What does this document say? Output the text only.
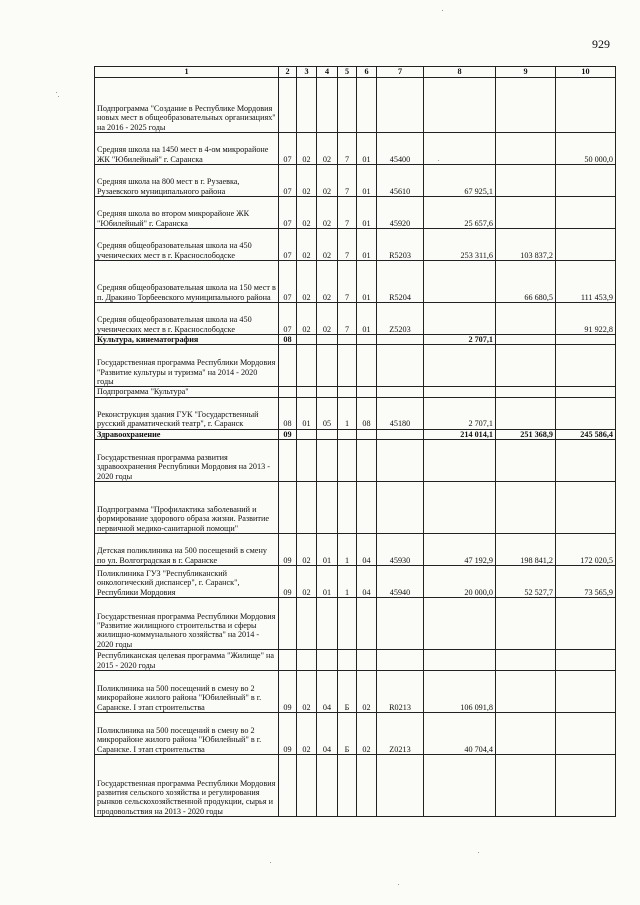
929
1	2	3	4	5	6	7	8	9	10
Подпрограмма "Создание в Республике Мордовия новых мест в общеобразовательных организациях" на 2016 - 2025 годы									
Средняя школа на 1450 мест в 4-ом микрорайоне ЖК "Юбилейный" г. Саранска	07	02	02	7	01	45400			50 000,0
Средняя школа на 800 мест в г. Рузаевка, Рузаевского муниципального района	07	02	02	7	01	45610	67 925,1		
Средняя школа во втором микрорайоне ЖК "Юбилейный" г. Саранска	07	02	02	7	01	45920	25 657,6		
Средняя общеобразовательная школа на 450 ученических мест в г. Краснослободске	07	02	02	7	01	R5203	253 311,6	103 837,2	
Средняя общеобразовательная школа на 150 мест в п. Дракино Торбеевского муниципального района	07	02	02	7	01	R5204		66 680,5	111 453,9
Средняя общеобразовательная школа на 450 ученических мест в г. Краснослободске	07	02	02	7	01	Z5203			91 922,8
Культура, кинематография	08						2 707,1		
Государственная программа Республики Мордовия "Развитие культуры и туризма" на 2014 - 2020 годы									
Подпрограмма "Культура"									
Реконструкция здания ГУК "Государственный русский драматический театр", г. Саранск	08	01	05	1	08	45180	2 707,1		
Здравоохранение	09						214 014,1	251 368,9	245 586,4
Государственная программа развития здравоохранения Республики Мордовия на 2013 - 2020 годы									
Подпрограмма "Профилактика заболеваний и формирование здорового образа жизни. Развитие первичной медико-санитарной помощи"									
Детская поликлиника на 500 посещений в смену по ул. Волгоградская в г. Саранске	09	02	01	1	04	45930	47 192,9	198 841,2	172 020,5
Поликлиника ГУЗ "Республиканский онкологический диспансер", г. Саранск", Республики Мордовия	09	02	01	1	04	45940	20 000,0	52 527,7	73 565,9
Государственная программа Республики Мордовия "Развитие жилищного строительства и сферы жилищно-коммунального хозяйства" на 2014 - 2020 годы									
Республиканская целевая программа "Жилище" на 2015 - 2020 годы									
Поликлиника на 500 посещений в смену во 2 микрорайоне жилого района "Юбилейный" в г. Саранске. I этап строительства	09	02	04	Б	02	R0213	106 091,8		
Поликлиника на 500 посещений в смену во 2 микрорайоне жилого района "Юбилейный" в г. Саранске. I этап строительства	09	02	04	Б	02	Z0213	40 704,4		
Государственная программа Республики Мордовия развития сельского хозяйства и регулирования рынков сельскохозяйственной продукции, сырья и продовольствия на 2013 - 2020 годы									
